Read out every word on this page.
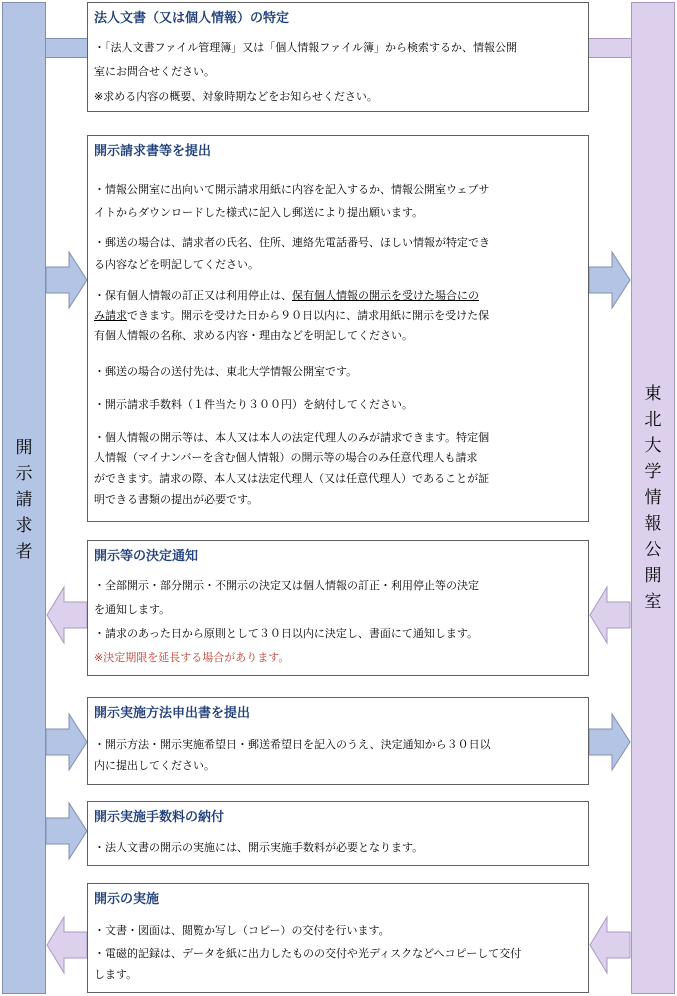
開示請求者
東北大学情報公開室
法人文書（又は個人情報）の特定
・「法人文書ファイル管理簿」又は「個人情報ファイル簿」から検索するか、情報公開
室にお問合せください。
※求める内容の概要、対象時期などをお知らせください。
開示請求書等を提出
・情報公開室に出向いて開示請求用紙に内容を記入するか、情報公開室ウェブサ
イトからダウンロードした様式に記入し郵送により提出願います。
・郵送の場合は、請求者の氏名、住所、連絡先電話番号、ほしい情報が特定でき
る内容などを明記してください。
・保有個人情報の訂正又は利用停止は、保有個人情報の開示を受けた場合にの
み請求できます。開示を受けた日から９０日以内に、請求用紙に開示を受けた保
有個人情報の名称、求める内容・理由などを明記してください。
・郵送の場合の送付先は、東北大学情報公開室です。
・開示請求手数料（１件当たり３００円）を納付してください。
・個人情報の開示等は、本人又は本人の法定代理人のみが請求できます。特定個
人情報（マイナンバーを含む個人情報）の開示等の場合のみ任意代理人も請求
ができます。請求の際、本人又は法定代理人（又は任意代理人）であることが証
明できる書類の提出が必要です。
開示等の決定通知
・全部開示・部分開示・不開示の決定又は個人情報の訂正・利用停止等の決定
を通知します。
・請求のあった日から原則として３０日以内に決定し、書面にて通知します。
※決定期限を延長する場合があります。
開示実施方法申出書を提出
・開示方法・開示実施希望日・郵送希望日を記入のうえ、決定通知から３０日以
内に提出してください。
開示実施手数料の納付
・法人文書の開示の実施には、開示実施手数料が必要となります。
開示の実施
・文書・図面は、閲覧か写し（コピー）の交付を行います。
・電磁的記録は、データを紙に出力したものの交付や光ディスクなどへコピーして交付
します。
